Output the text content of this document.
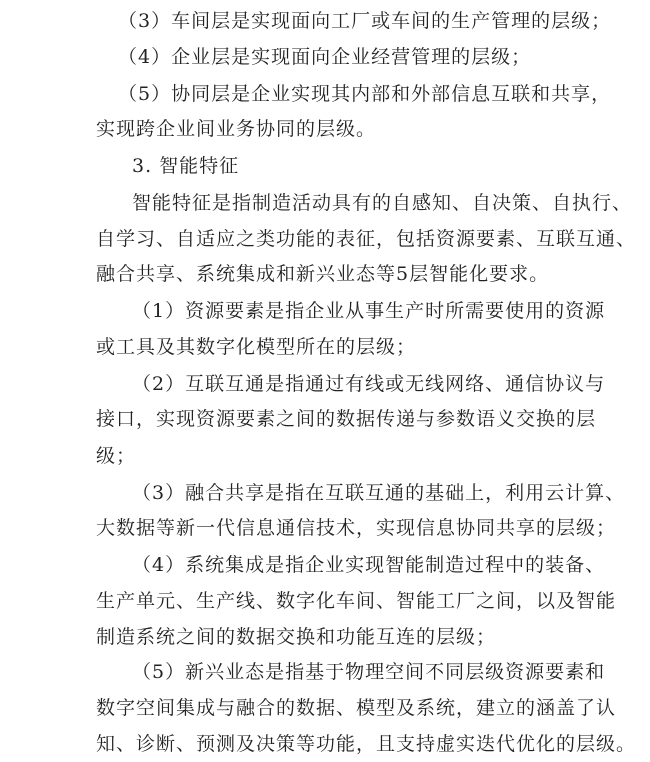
（3）车间层是实现面向工厂或车间的生产管理的层级；
（4）企业层是实现面向企业经营管理的层级；
（5）协同层是企业实现其内部和外部信息互联和共享，
实现跨企业间业务协同的层级。
3. 智能特征
智能特征是指制造活动具有的自感知、自决策、自执行、
自学习、自适应之类功能的表征，包括资源要素、互联互通、
融合共享、系统集成和新兴业态等5层智能化要求。
（1）资源要素是指企业从事生产时所需要使用的资源
或工具及其数字化模型所在的层级；
（2）互联互通是指通过有线或无线网络、通信协议与
接口，实现资源要素之间的数据传递与参数语义交换的层
级；
（3）融合共享是指在互联互通的基础上，利用云计算、
大数据等新一代信息通信技术，实现信息协同共享的层级；
（4）系统集成是指企业实现智能制造过程中的装备、
生产单元、生产线、数字化车间、智能工厂之间，以及智能
制造系统之间的数据交换和功能互连的层级；
（5）新兴业态是指基于物理空间不同层级资源要素和
数字空间集成与融合的数据、模型及系统，建立的涵盖了认
知、诊断、预测及决策等功能，且支持虚实迭代优化的层级。
